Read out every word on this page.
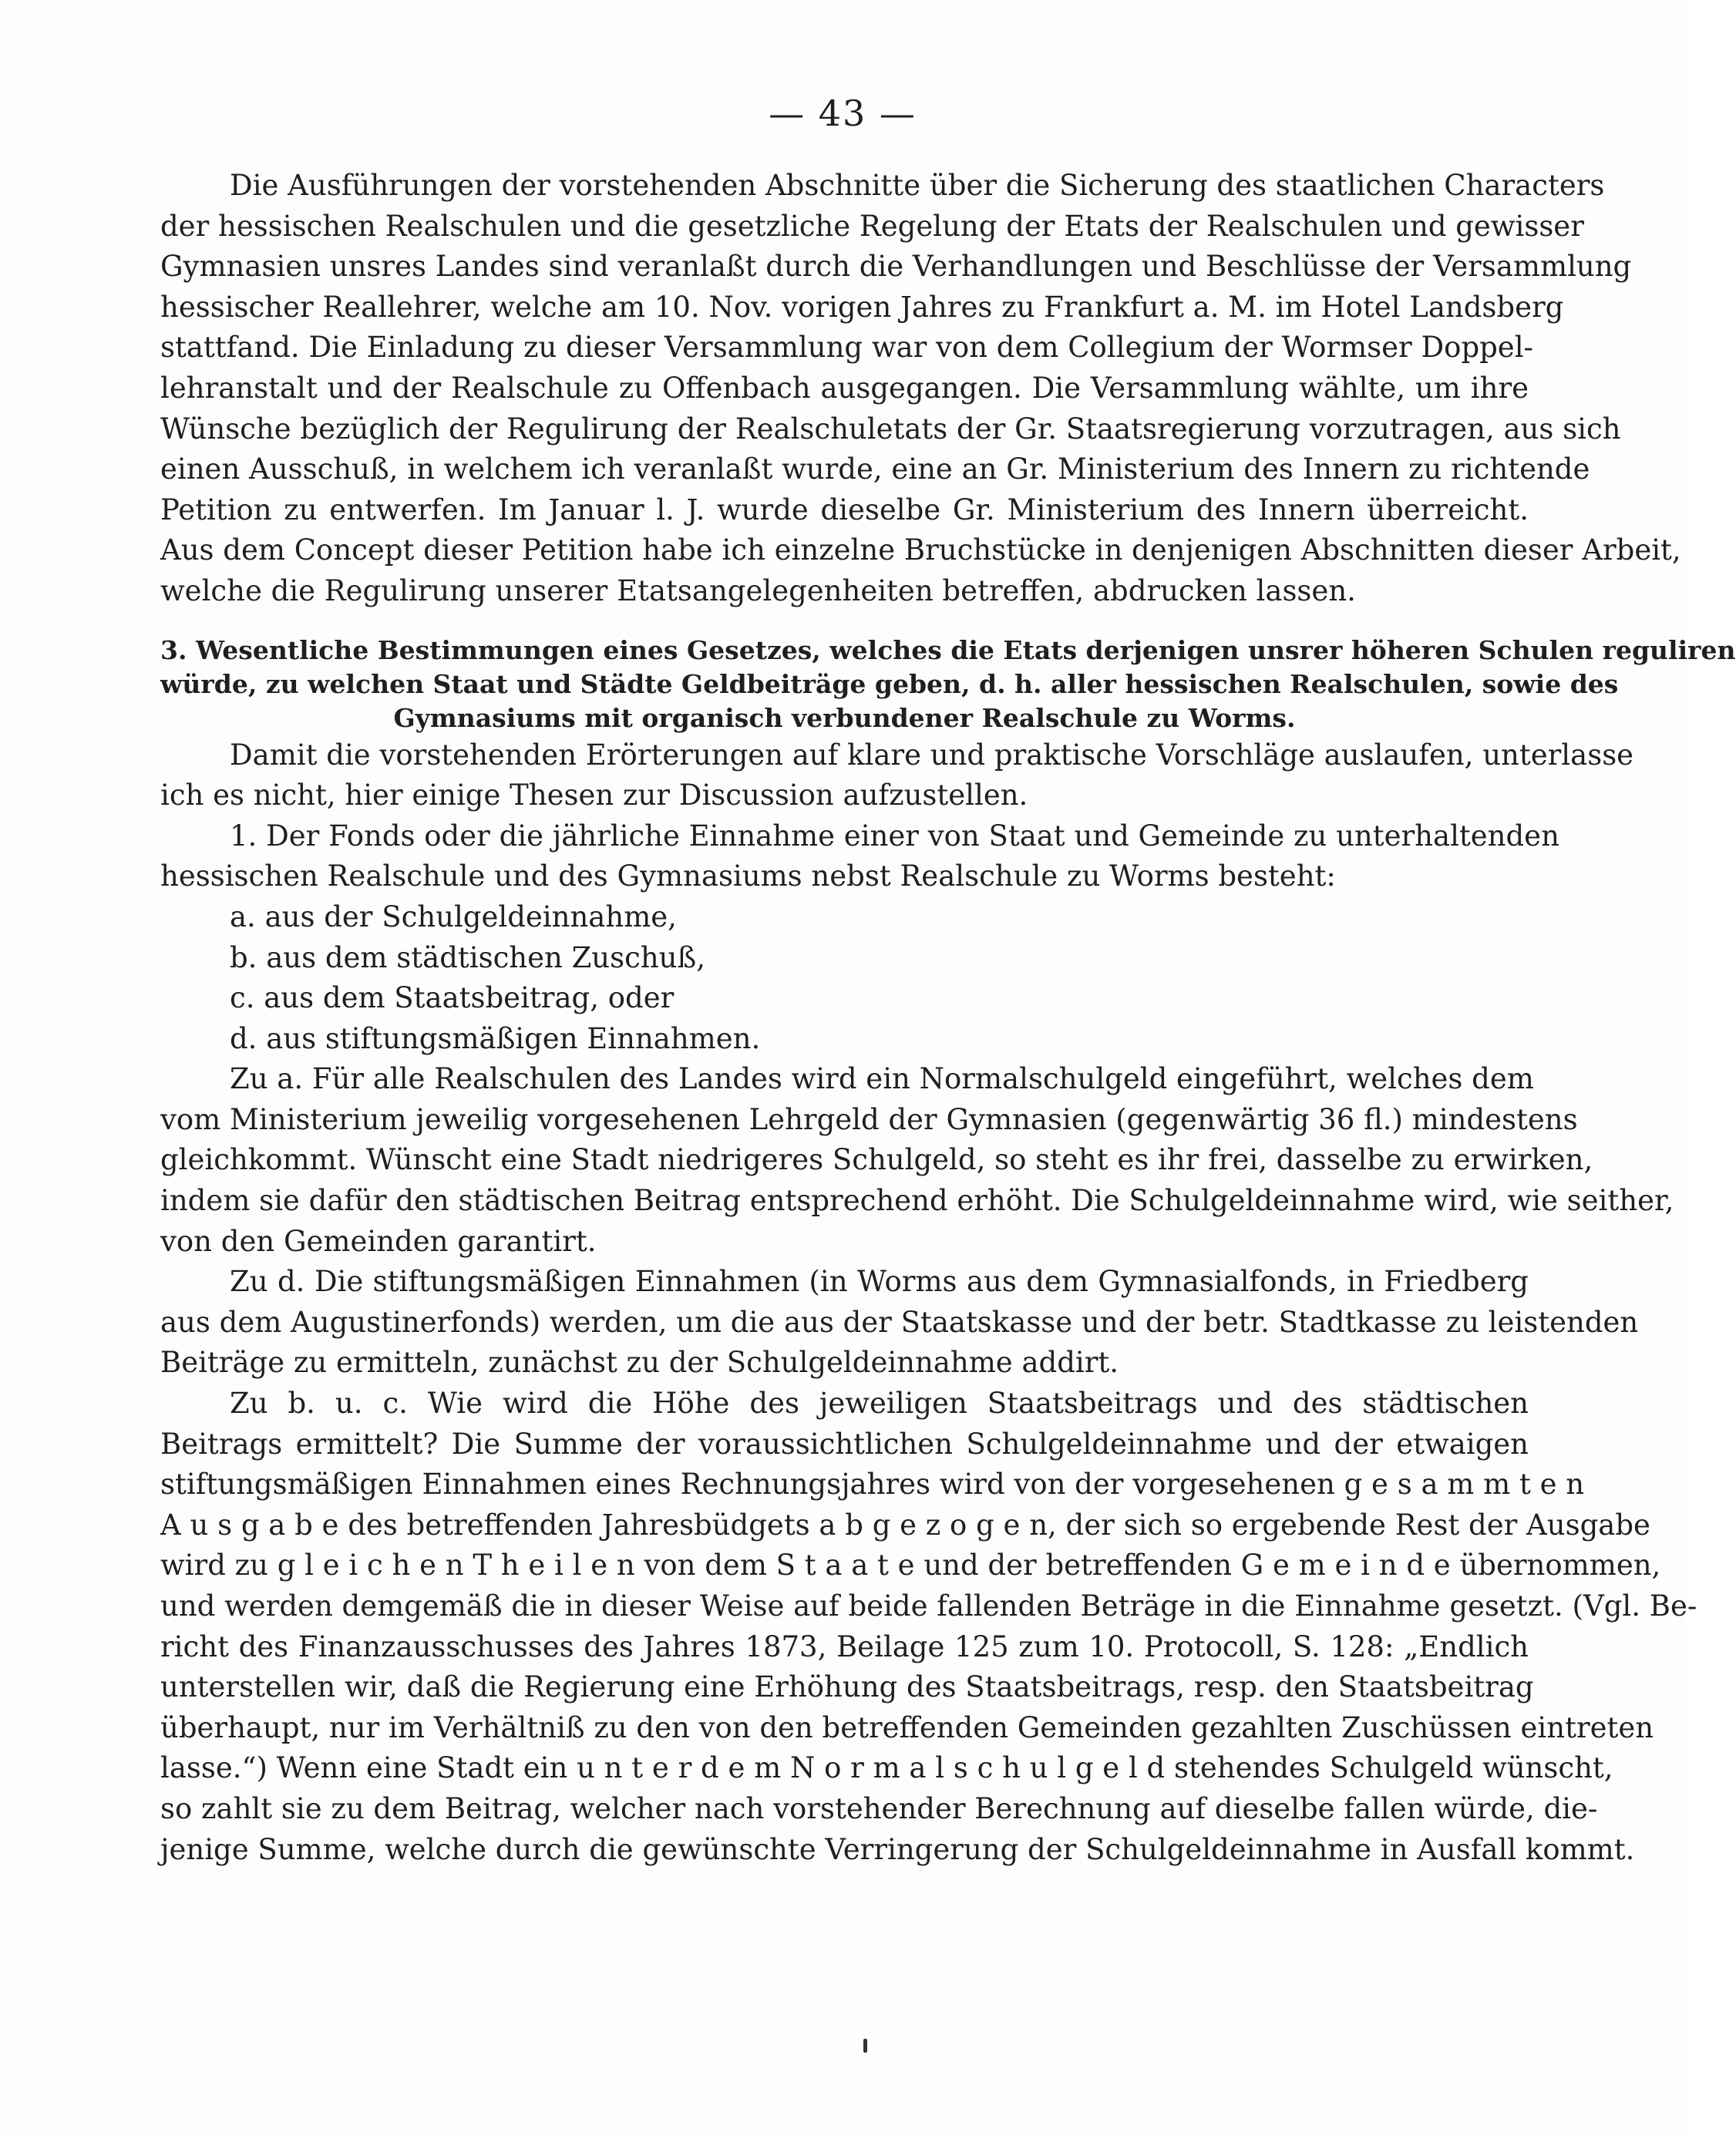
— 43 —
Die Ausführungen der vorstehenden Abschnitte über die Sicherung des staatlichen Characters
der hessischen Realschulen und die gesetzliche Regelung der Etats der Realschulen und gewisser
Gymnasien unsres Landes sind veranlaßt durch die Verhandlungen und Beschlüsse der Versammlung
hessischer Reallehrer, welche am 10. Nov. vorigen Jahres zu Frankfurt a. M. im Hotel Landsberg
stattfand. Die Einladung zu dieser Versammlung war von dem Collegium der Wormser Doppel-
lehranstalt und der Realschule zu Offenbach ausgegangen. Die Versammlung wählte, um ihre
Wünsche bezüglich der Regulirung der Realschuletats der Gr. Staatsregierung vorzutragen, aus sich
einen Ausschuß, in welchem ich veranlaßt wurde, eine an Gr. Ministerium des Innern zu richtende
Petition zu entwerfen. Im Januar l. J. wurde dieselbe Gr. Ministerium des Innern überreicht.
Aus dem Concept dieser Petition habe ich einzelne Bruchstücke in denjenigen Abschnitten dieser Arbeit,
welche die Regulirung unserer Etatsangelegenheiten betreffen, abdrucken lassen.
3. Wesentliche Bestimmungen eines Gesetzes, welches die Etats derjenigen unsrer höheren Schulen reguliren
würde, zu welchen Staat und Städte Geldbeiträge geben, d. h. aller hessischen Realschulen, sowie des
Gymnasiums mit organisch verbundener Realschule zu Worms.
Damit die vorstehenden Erörterungen auf klare und praktische Vorschläge auslaufen, unterlasse
ich es nicht, hier einige Thesen zur Discussion aufzustellen.
1. Der Fonds oder die jährliche Einnahme einer von Staat und Gemeinde zu unterhaltenden
hessischen Realschule und des Gymnasiums nebst Realschule zu Worms besteht:
a. aus der Schulgeldeinnahme,
b. aus dem städtischen Zuschuß,
c. aus dem Staatsbeitrag, oder
d. aus stiftungsmäßigen Einnahmen.
Zu a. Für alle Realschulen des Landes wird ein Normalschulgeld eingeführt, welches dem
vom Ministerium jeweilig vorgesehenen Lehrgeld der Gymnasien (gegenwärtig 36 fl.) mindestens
gleichkommt. Wünscht eine Stadt niedrigeres Schulgeld, so steht es ihr frei, dasselbe zu erwirken,
indem sie dafür den städtischen Beitrag entsprechend erhöht. Die Schulgeldeinnahme wird, wie seither,
von den Gemeinden garantirt.
Zu d. Die stiftungsmäßigen Einnahmen (in Worms aus dem Gymnasialfonds, in Friedberg
aus dem Augustinerfonds) werden, um die aus der Staatskasse und der betr. Stadtkasse zu leistenden
Beiträge zu ermitteln, zunächst zu der Schulgeldeinnahme addirt.
Zu b. u. c. Wie wird die Höhe des jeweiligen Staatsbeitrags und des städtischen
Beitrags ermittelt? Die Summe der voraussichtlichen Schulgeldeinnahme und der etwaigen
stiftungsmäßigen Einnahmen eines Rechnungsjahres wird von der vorgesehenen g e s a m m t e n
A u s g a b e des betreffenden Jahresbüdgets a b g e z o g e n, der sich so ergebende Rest der Ausgabe
wird zu g l e i c h e n T h e i l e n von dem S t a a t e und der betreffenden G e m e i n d e übernommen,
und werden demgemäß die in dieser Weise auf beide fallenden Beträge in die Einnahme gesetzt. (Vgl. Be-
richt des Finanzausschusses des Jahres 1873, Beilage 125 zum 10. Protocoll, S. 128: „Endlich
unterstellen wir, daß die Regierung eine Erhöhung des Staatsbeitrags, resp. den Staatsbeitrag
überhaupt, nur im Verhältniß zu den von den betreffenden Gemeinden gezahlten Zuschüssen eintreten
lasse.“) Wenn eine Stadt ein u n t e r d e m N o r m a l s c h u l g e l d stehendes Schulgeld wünscht,
so zahlt sie zu dem Beitrag, welcher nach vorstehender Berechnung auf dieselbe fallen würde, die-
jenige Summe, welche durch die gewünschte Verringerung der Schulgeldeinnahme in Ausfall kommt.
